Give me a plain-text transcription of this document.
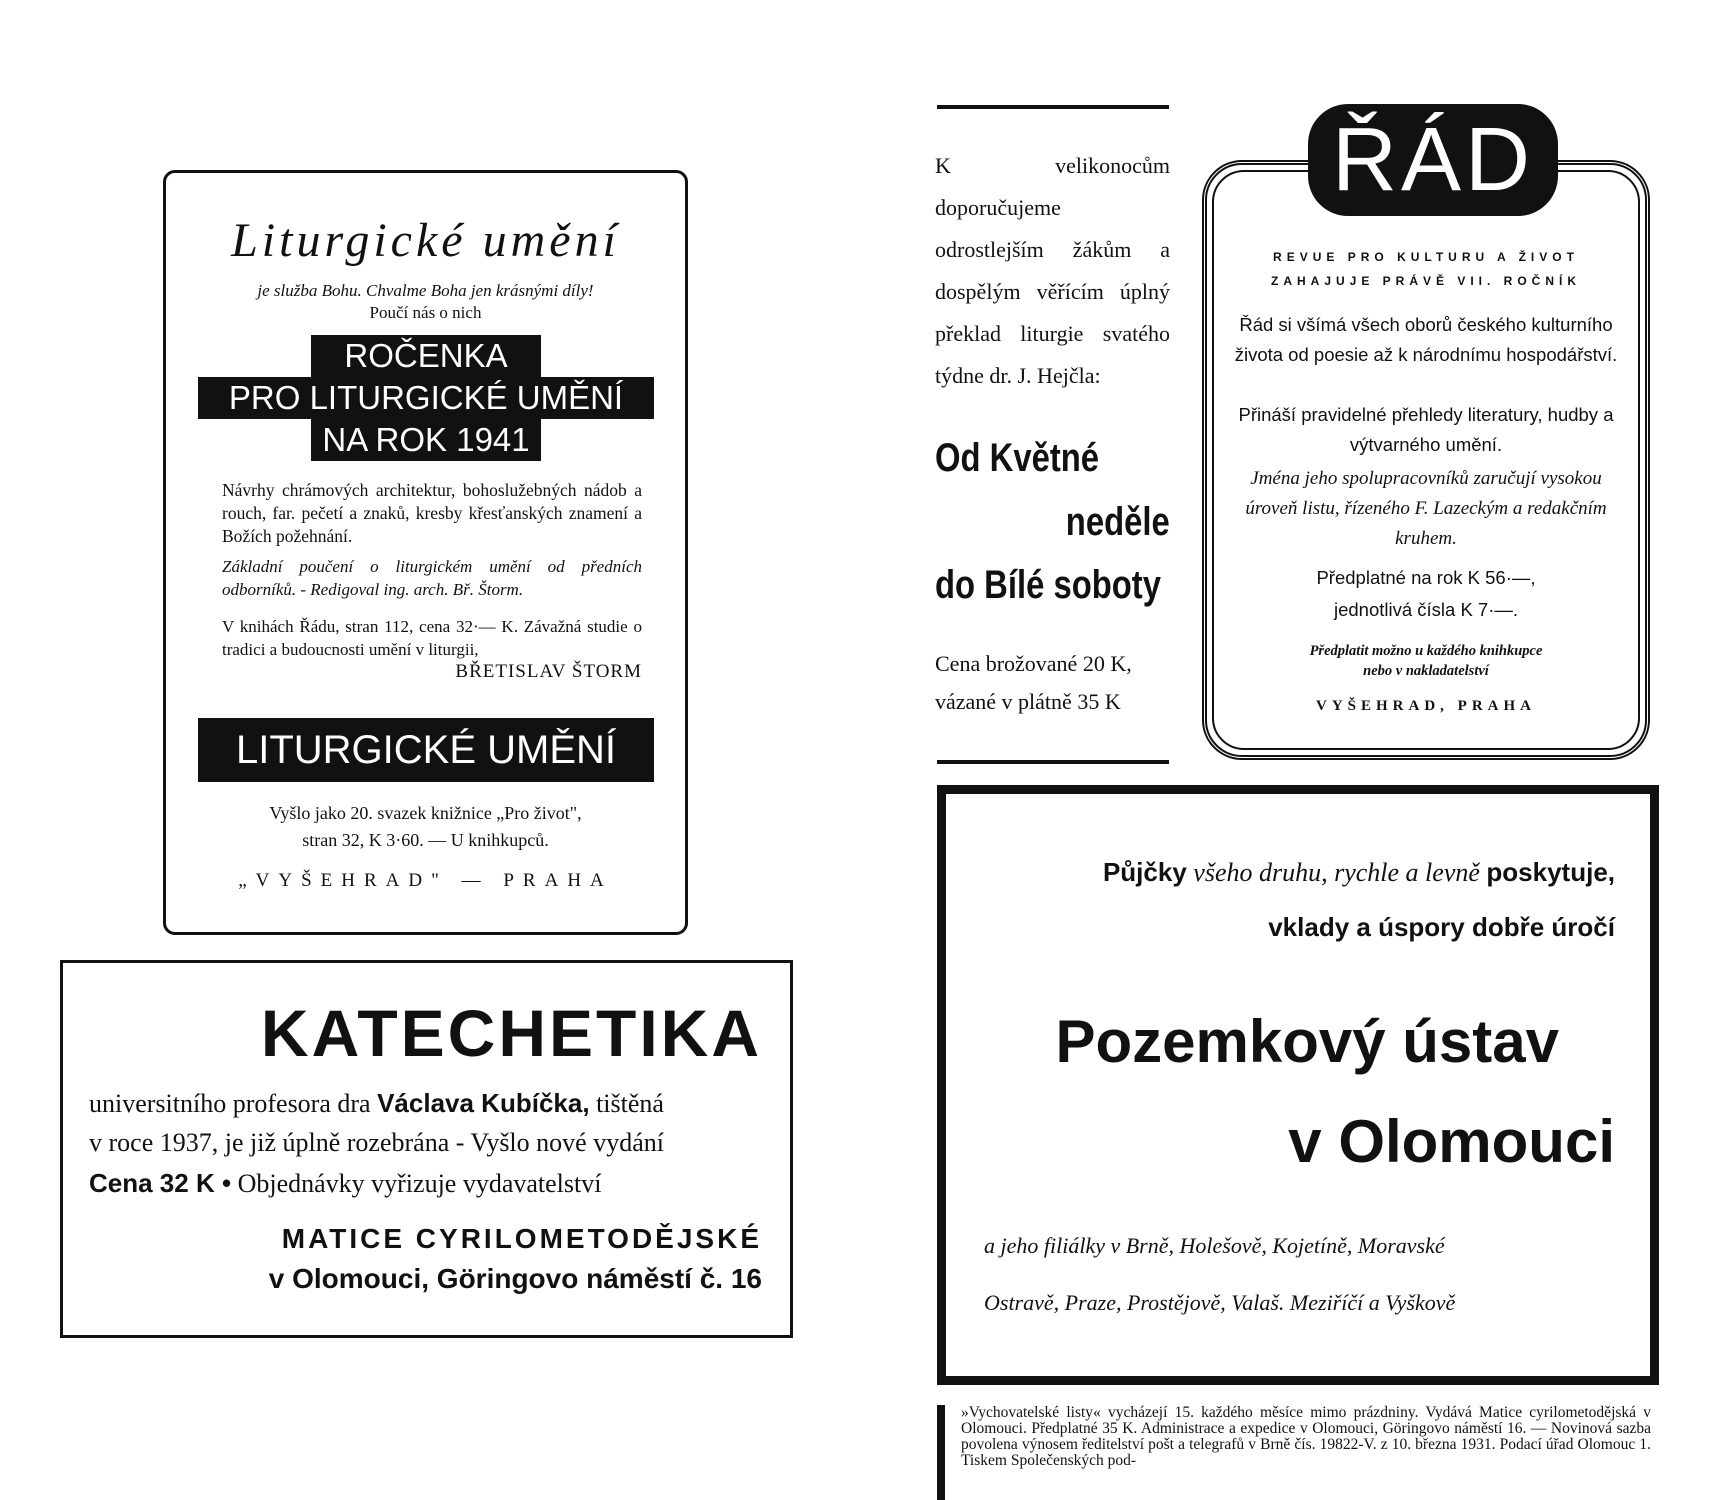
Liturgické umění
je služba Bohu. Chvalme Boha jen krásnými díly!
Poučí nás o nich
ROČENKA
PRO LITURGICKÉ UMĚNÍ
NA ROK 1941
Návrhy chrámových architektur, bohoslužebných nádob a rouch, far. pečetí a znaků, kresby křesťanských znamení a Božích požehnání.
Základní poučení o liturgickém umění od předních odborníků. - Redigoval ing. arch. Bř. Štorm.
V knihách Řádu, stran 112, cena 32·— K. Závažná studie o tradici a budoucnosti umění v liturgii,
BŘETISLAV ŠTORM
LITURGICKÉ UMĚNÍ
Vyšlo jako 20. svazek knižnice „Pro život",
stran 32, K 3·60. — U knihkupců.
„VYŠEHRAD" — PRAHA
KATECHETIKA
universitního profesora dra Václava Kubíčka, tištěná
v roce 1937, je již úplně rozebrána - Vyšlo nové vydání
Cena 32 K • Objednávky vyřizuje vydavatelství
MATICE CYRILOMETODĚJSKÉ
v Olomouci, Göringovo náměstí č. 16
K velikonocům doporučujeme odrostlejším žákům a dospělým věřícím úplný překlad liturgie svatého týdne dr. J. Hejčla:
Od Květné
neděle
do Bílé soboty
Cena brožované 20 K,
vázané v plátně 35 K
ŘÁD
REVUE PRO KULTURU A ŽIVOT
ZAHAJUJE PRÁVĚ VII. ROČNÍK
Řád si všímá všech oborů českého kulturního života od poesie až k národnímu hospodářství.
Přináší pravidelné přehledy literatury, hudby a výtvarného umění.
Jména jeho spolupracovníků zaručují vysokou úroveň listu, řízeného F. Lazeckým a redakčním kruhem.
Předplatné na rok K 56·—,
jednotlivá čísla K 7·—.
Předplatit možno u každého knihkupce
nebo v nakladatelství
VYŠEHRAD, PRAHA
Půjčky všeho druhu, rychle a levně poskytuje,
vklady a úspory dobře úročí
Pozemkový ústav
v Olomouci
a jeho filiálky v Brně, Holešově, Kojetíně, Moravské
Ostravě, Praze, Prostějově, Valaš. Meziříčí a Vyškově
»Vychovatelské listy« vycházejí 15. každého měsíce mimo prázdniny. Vydává Matice cyrilometodějská v Olomouci. Předplatné 35 K. Administrace a expedice v Olomouci, Göringovo náměstí 16. — Novinová sazba povolena výnosem ředitelství pošt a telegrafů v Brně čís. 19822-V. z 10. března 1931. Podací úřad Olomouc 1. Tiskem Společenských pod-
